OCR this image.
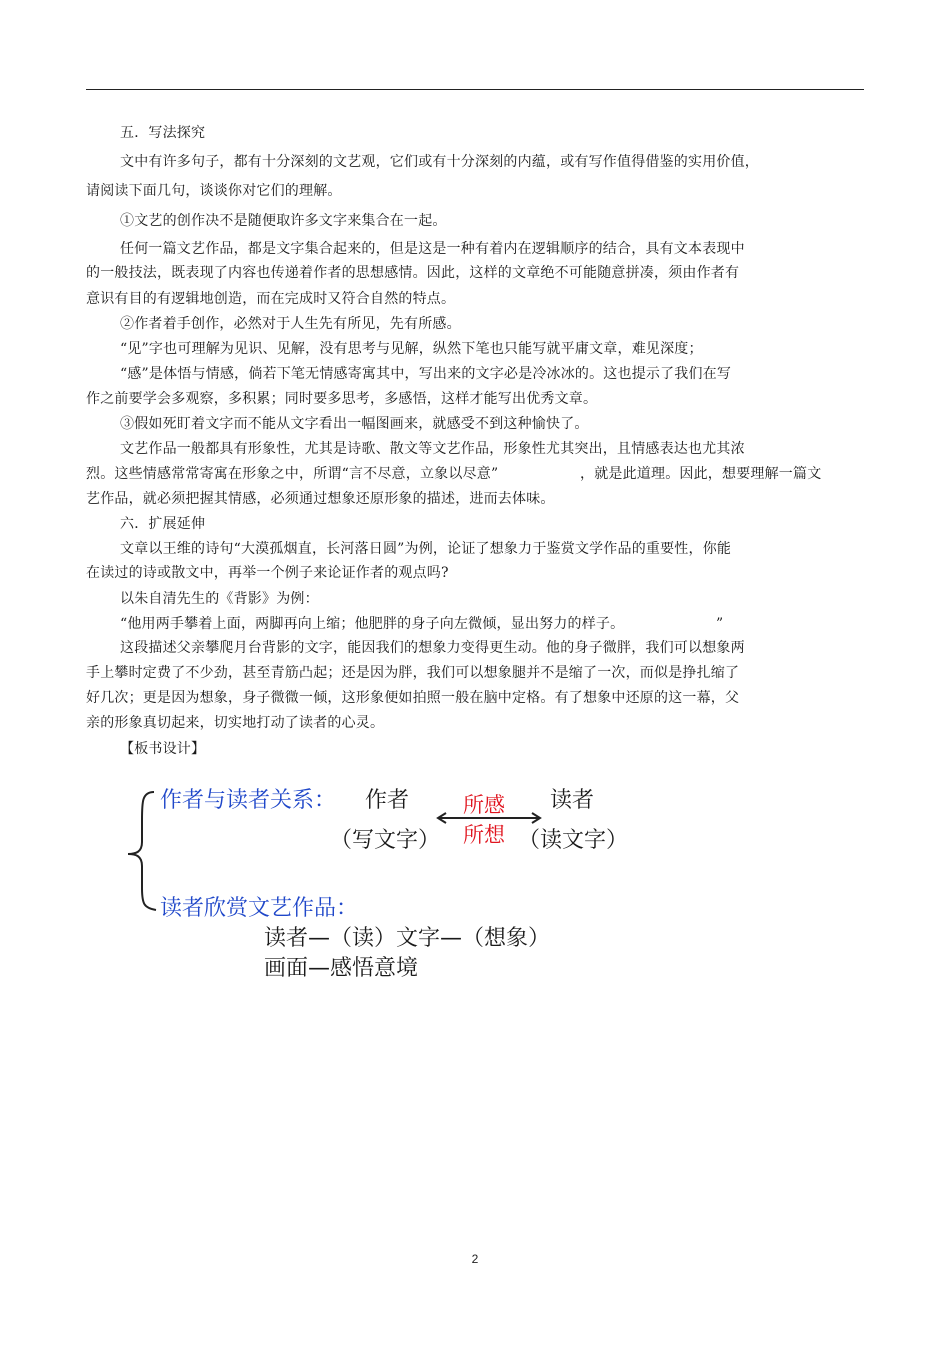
五．写法探究
文中有许多句子，都有十分深刻的文艺观，它们或有十分深刻的内蕴，或有写作值得借鉴的实用价值，
请阅读下面几句，谈谈你对它们的理解。
①文艺的创作决不是随便取许多文字来集合在一起。
任何一篇文艺作品，都是文字集合起来的，但是这是一种有着内在逻辑顺序的结合，具有文本表现中
的一般技法，既表现了内容也传递着作者的思想感情。因此，这样的文章绝不可能随意拼凑，须由作者有
意识有目的有逻辑地创造，而在完成时又符合自然的特点。
②作者着手创作，必然对于人生先有所见，先有所感。
“见”字也可理解为见识、见解，没有思考与见解，纵然下笔也只能写就平庸文章，难见深度；
“感”是体悟与情感，倘若下笔无情感寄寓其中，写出来的文字必是冷冰冰的。这也提示了我们在写
作之前要学会多观察，多积累；同时要多思考，多感悟，这样才能写出优秀文章。
③假如死盯着文字而不能从文字看出一幅图画来，就感受不到这种愉快了。
文艺作品一般都具有形象性，尤其是诗歌、散文等文艺作品，形象性尤其突出，且情感表达也尤其浓
烈。这些情感常常寄寓在形象之中，所谓“言不尽意，立象以尽意”	，就是此道理。因此，想要理解一篇文
艺作品，就必须把握其情感，必须通过想象还原形象的描述，进而去体味。
六．扩展延伸
文章以王维的诗句“大漠孤烟直，长河落日圆”为例，论证了想象力于鉴赏文学作品的重要性，你能
在读过的诗或散文中，再举一个例子来论证作者的观点吗?
以朱自清先生的《背影》为例：
“他用两手攀着上面，两脚再向上缩；他肥胖的身子向左微倾，显出努力的样子。	”
这段描述父亲攀爬月台背影的文字，能因我们的想象力变得更生动。他的身子微胖，我们可以想象两
手上攀时定费了不少劲，甚至青筋凸起；还是因为胖，我们可以想象腿并不是缩了一次，而似是挣扎缩了
好几次；更是因为想象，身子微微一倾，这形象便如拍照一般在脑中定格。有了想象中还原的这一幕，父
亲的形象真切起来，切实地打动了读者的心灵。
【板书设计】
作者与读者关系： 作者	所感 读者
（写文字） 所想 （读文字）
读者欣赏文艺作品：
读者—（读）文字—（想象）
画面—感悟意境
2
